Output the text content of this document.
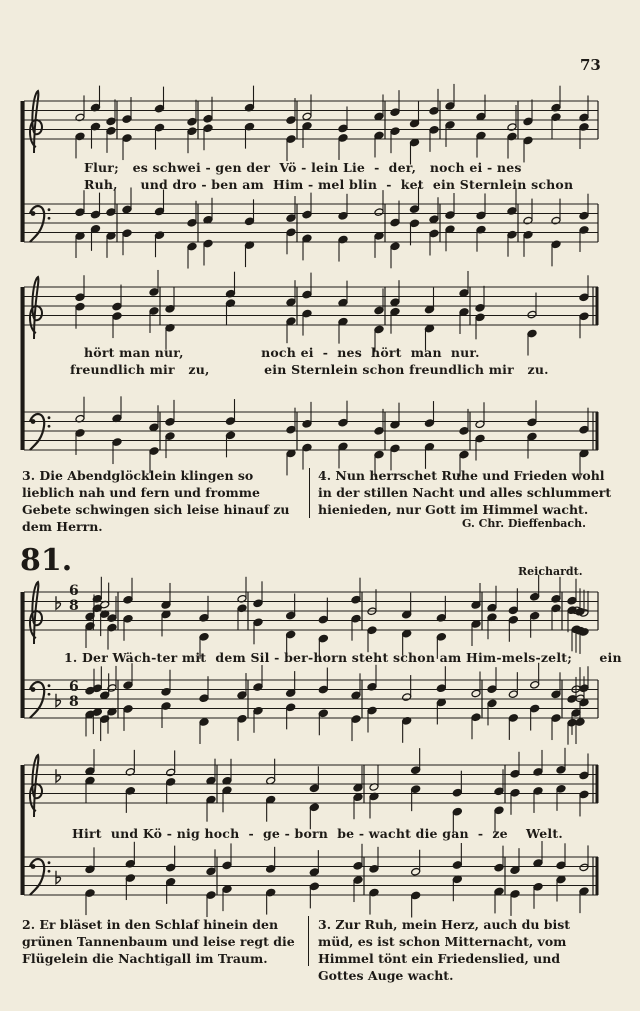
73
Flur;   es schwei - gen der  Vö - lein Lie  -  der,   noch ei - nes
Ruh,     und dro - ben am  Him - mel blin  -  ket  ein Sternlein schon
hört man nur,                 noch ei  -  nes  hört  man  nur.
freundlich mir   zu,            ein Sternlein schon freundlich mir   zu.
3. Die Abendglöcklein klingen so lieblich nah und fern und fromme Gebete schwingen sich leise hinauf zu dem Herrn.
4. Nun herrschet Ruhe und Frieden wohl in der stillen Nacht und alles schlummert hienieden, nur Gott im Himmel wacht.
G. Chr. Dieffenbach.
81.	Reichardt.
1. Der Wäch-ter mit  dem Sil - ber-horn steht schon am Him-mels-zelt;      ein
Hirt  und Kö - nig hoch  -  ge - born  be - wacht die gan  -  ze    Welt.
2. Er bläset in den Schlaf hinein den grünen Tannenbaum und leise regt die Flügelein die Nachtigall im Traum.
3. Zur Ruh, mein Herz, auch du bist müd, es ist schon Mitternacht, vom Himmel tönt ein Friedenslied, und Gottes Auge wacht.
6
8
6
8
